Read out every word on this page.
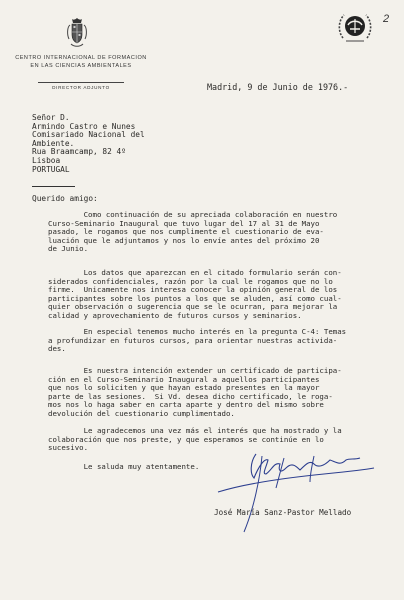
CENTRO INTERNACIONAL DE FORMACION
EN LAS CIENCIAS AMBIENTALES
DIRECTOR ADJUNTO
2
Madrid, 9 de Junio de 1976.-
Señor D.
Armindo Castro e Nunes
Comisariado Nacional del
Ambiente.
Rua Braamcamp, 82 4º
Lisboa
PORTUGAL
Querido amigo:
Como continuación de su apreciada colaboración en nuestro
Curso-Seminario Inaugural que tuvo lugar del 17 al 31 de Mayo
pasado, le rogamos que nos cumplimente el cuestionario de eva-
luación que le adjuntamos y nos lo envíe antes del próximo 20
de Junio.
Los datos que aparezcan en el citado formulario serán con-
siderados confidenciales, razón por la cual le rogamos que no lo
firme.  Unicamente nos interesa conocer la opinión general de los
participantes sobre los puntos a los que se aluden, así como cual-
quier observación o sugerencia que se le ocurran, para mejorar la
calidad y aprovechamiento de futuros cursos y seminarios.
En especial tenemos mucho interés en la pregunta C-4: Temas
a profundizar en futuros cursos, para orientar nuestras activida-
des.
Es nuestra intención extender un certificado de participa-
ción en el Curso-Seminario Inaugural a aquellos participantes
que nos lo soliciten y que hayan estado presentes en la mayor
parte de las sesiones.  Si Vd. desea dicho certificado, le roga-
mos nos lo haga saber en carta aparte y dentro del mismo sobre
devolución del cuestionario cumplimentado.
Le agradecemos una vez más el interés que ha mostrado y la
colaboración que nos preste, y que esperamos se continúe en lo
sucesivo.
Le saluda muy atentamente.
José María Sanz-Pastor Mellado
